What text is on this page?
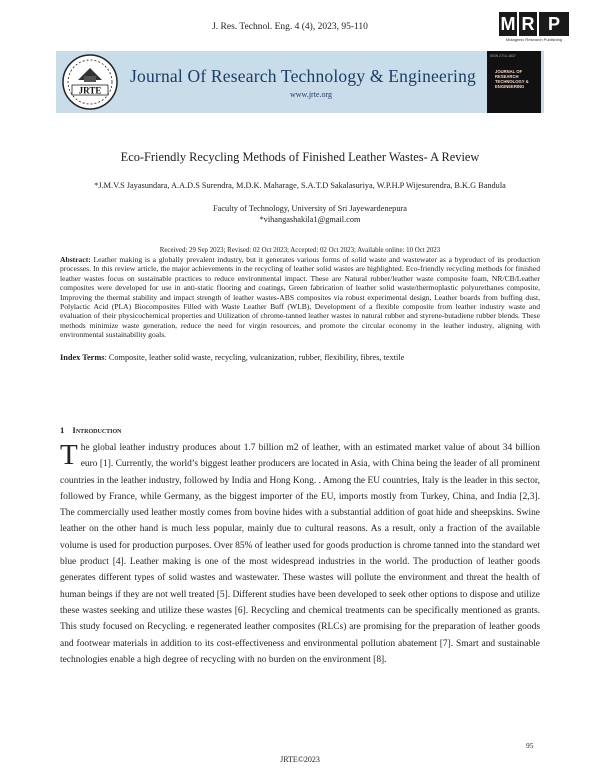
J. Res. Technol. Eng. 4 (4), 2023, 95-110	M R P
Mutagenic Research Publishing
JRTE
Journal Of Research Technology & Engineering
www.jrte.org
ISSN 2714-1837
JOURNAL OF RESEARCH TECHNOLOGY & ENGINEERING
Eco-Friendly Recycling Methods of Finished Leather Wastes- A Review
*J.M.V.S Jayasundara, A.A.D.S Surendra, M.D.K. Maharage, S.A.T.D Sakalasuriya, W.P.H.P Wijesurendra, B.K.G Bandula
Faculty of Technology, University of Sri Jayewardenepura
*vihangashakila1@gmail.com
Received: 29 Sep 2023; Revised: 02 Oct 2023; Accepted: 02 Oct 2023; Available online: 10 Oct 2023
Abstract: Leather making is a globally prevalent industry, but it generates various forms of solid waste and wastewater as a byproduct of its production processes. In this review article, the major achievements in the recycling of leather solid wastes are highlighted. Eco-friendly recycling methods for finished leather wastes focus on sustainable practices to reduce environmental impact. These are Natural rubber/leather waste composite foam, NR/CB/Leather composites were developed for use in anti-static flooring and coatings, Green fabrication of leather solid waste/thermoplastic polyurethanes composite, Improving the thermal stability and impact strength of leather wastes-ABS composites via robust experimental design, Leather boards from buffing dust, Polylactic Acid (PLA) Biocomposites Filled with Waste Leather Buff (WLB), Development of a flexible composite from leather industry waste and evaluation of their physicochemical properties and Utilization of chrome-tanned leather wastes in natural rubber and styrene-butadiene rubber blends. These methods minimize waste generation, reduce the need for virgin resources, and promote the circular economy in the leather industry, aligning with environmental sustainability goals.
Index Terms: Composite, leather solid waste, recycling, vulcanization, rubber, flexibility, fibres, textile
1 Introduction
The global leather industry produces about 1.7 billion m2 of leather, with an estimated market value of about 34 billion euro [1]. Currently, the world’s biggest leather producers are located in Asia, with China being the leader of all prominent countries in the leather industry, followed by India and Hong Kong. . Among the EU countries, Italy is the leader in this sector, followed by France, while Germany, as the biggest importer of the EU, imports mostly from Turkey, China, and India [2,3]. The commercially used leather mostly comes from bovine hides with a substantial addition of goat hide and sheepskins. Swine leather on the other hand is much less popular, mainly due to cultural reasons. As a result, only a fraction of the available volume is used for production purposes. Over 85% of leather used for goods production is chrome tanned into the standard wet blue product [4]. Leather making is one of the most widespread industries in the world. The production of leather goods generates different types of solid wastes and wastewater. These wastes will pollute the environment and threat the health of human beings if they are not well treated [5]. Different studies have been developed to seek other options to dispose and utilize these wastes seeking and utilize these wastes [6]. Recycling and chemical treatments can be specifically mentioned as grants. This study focused on Recycling. e regenerated leather composites (RLCs) are promising for the preparation of leather goods and footwear materials in addition to its cost-effectiveness and environmental pollution abatement [7]. Smart and sustainable technologies enable a high degree of recycling with no burden on the environment [8].
95
JRTE©2023
